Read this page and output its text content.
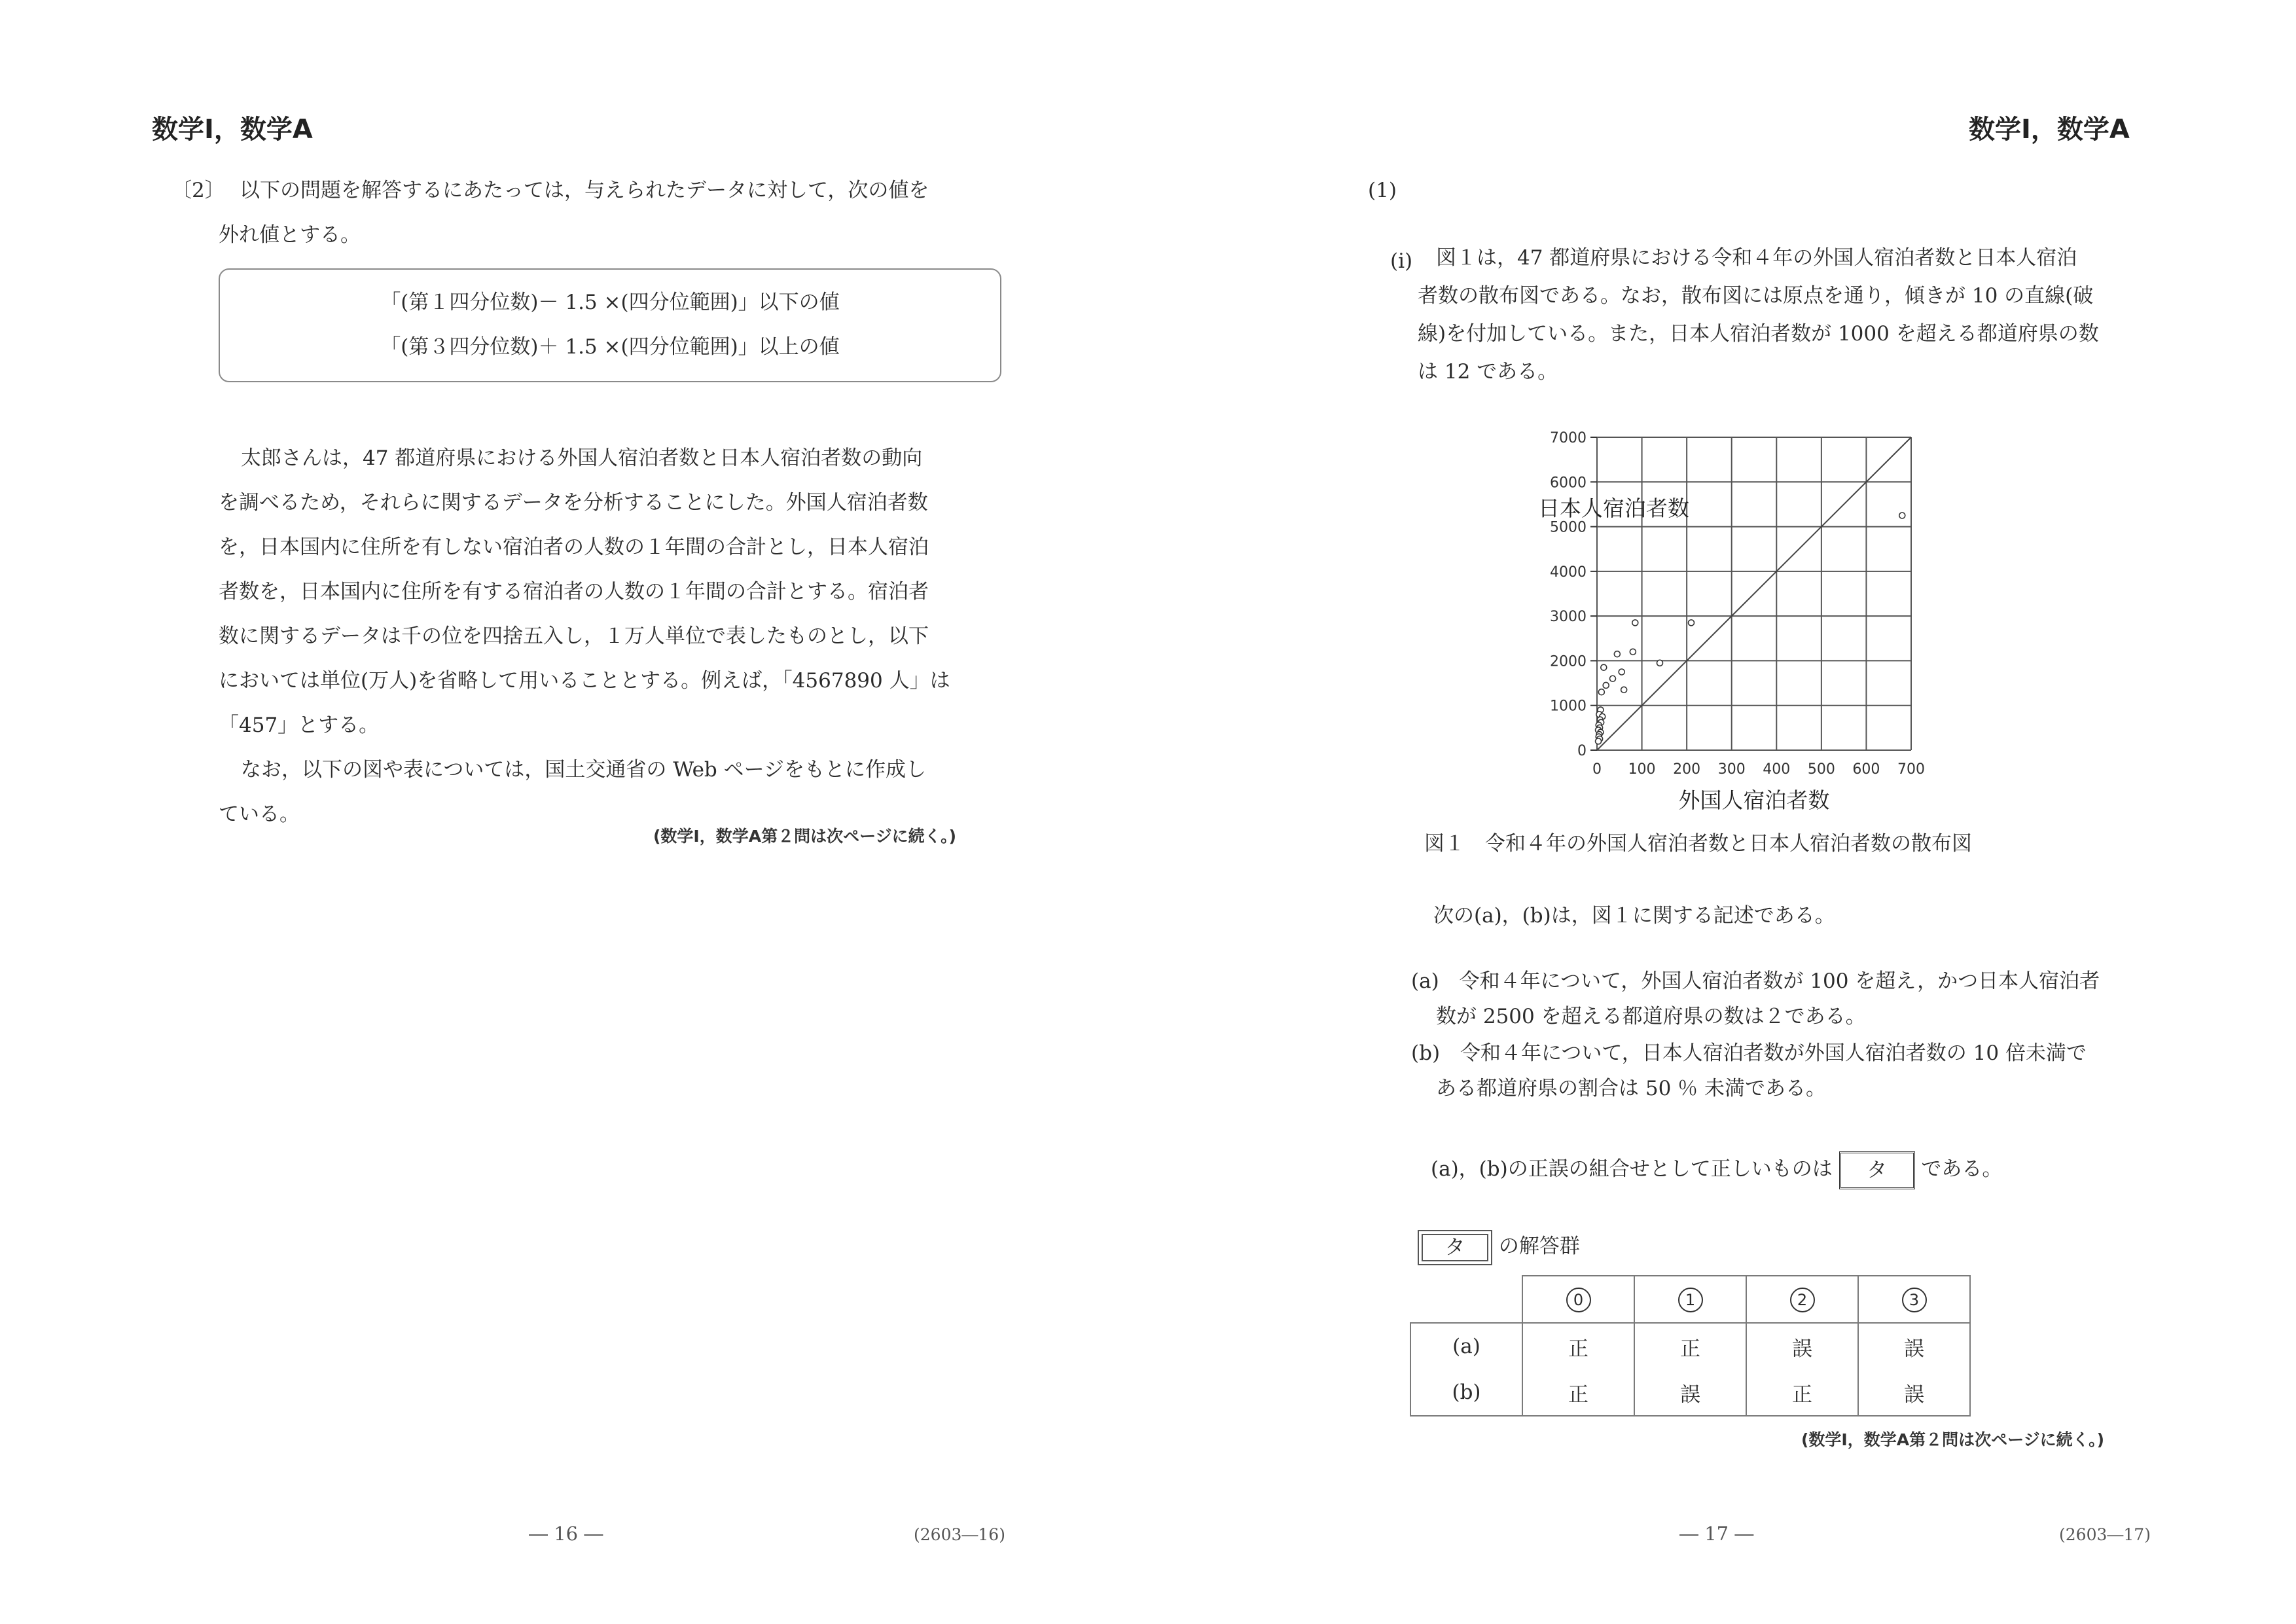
数学Ⅰ，数学A
〔2〕 以下の問題を解答するにあたっては，与えられたデータに対して，次の値を
外れ値とする。
「(第１四分位数)－ 1.5 ×(四分位範囲)」以下の値
「(第３四分位数)＋ 1.5 ×(四分位範囲)」以上の値
太郎さんは，47 都道府県における外国人宿泊者数と日本人宿泊者数の動向
を調べるため，それらに関するデータを分析することにした。外国人宿泊者数
を，日本国内に住所を有しない宿泊者の人数の１年間の合計とし，日本人宿泊
者数を，日本国内に住所を有する宿泊者の人数の１年間の合計とする。宿泊者
数に関するデータは千の位を四捨五入し，１万人単位で表したものとし，以下
においては単位(万人)を省略して用いることとする。例えば，「4567890 人」は
「457」とする。
なお，以下の図や表については，国土交通省の Web ページをもとに作成し
ている。
(数学Ⅰ，数学A第２問は次ページに続く。)
― 16 ―	(2603―16)
数学Ⅰ，数学A
(1)
(i)	図１は，47 都道府県における令和４年の外国人宿泊者数と日本人宿泊
者数の散布図である。なお，散布図には原点を通り，傾きが 10 の直線(破
線)を付加している。また，日本人宿泊者数が 1000 を超える都道府県の数
は 12 である。
0 100 200 300 400 500 600 700
0
1000
2000
3000
4000
5000
6000
7000
日本人宿泊者数
外国人宿泊者数
図１　令和４年の外国人宿泊者数と日本人宿泊者数の散布図
次の(a)，(b)は，図１に関する記述である。
(a)　令和４年について，外国人宿泊者数が 100 を超え，かつ日本人宿泊者
数が 2500 を超える都道府県の数は２である。
(b)　令和４年について，日本人宿泊者数が外国人宿泊者数の 10 倍未満で
ある都道府県の割合は 50 ％ 未満である。
(a)，(b)の正誤の組合せとして正しいものは タ である。
タ の解答群
	0	1	2	3
(a)	正	正	誤	誤
(b)	正	誤	正	誤
(数学Ⅰ，数学A第２問は次ページに続く。)
― 17 ―	(2603―17)
